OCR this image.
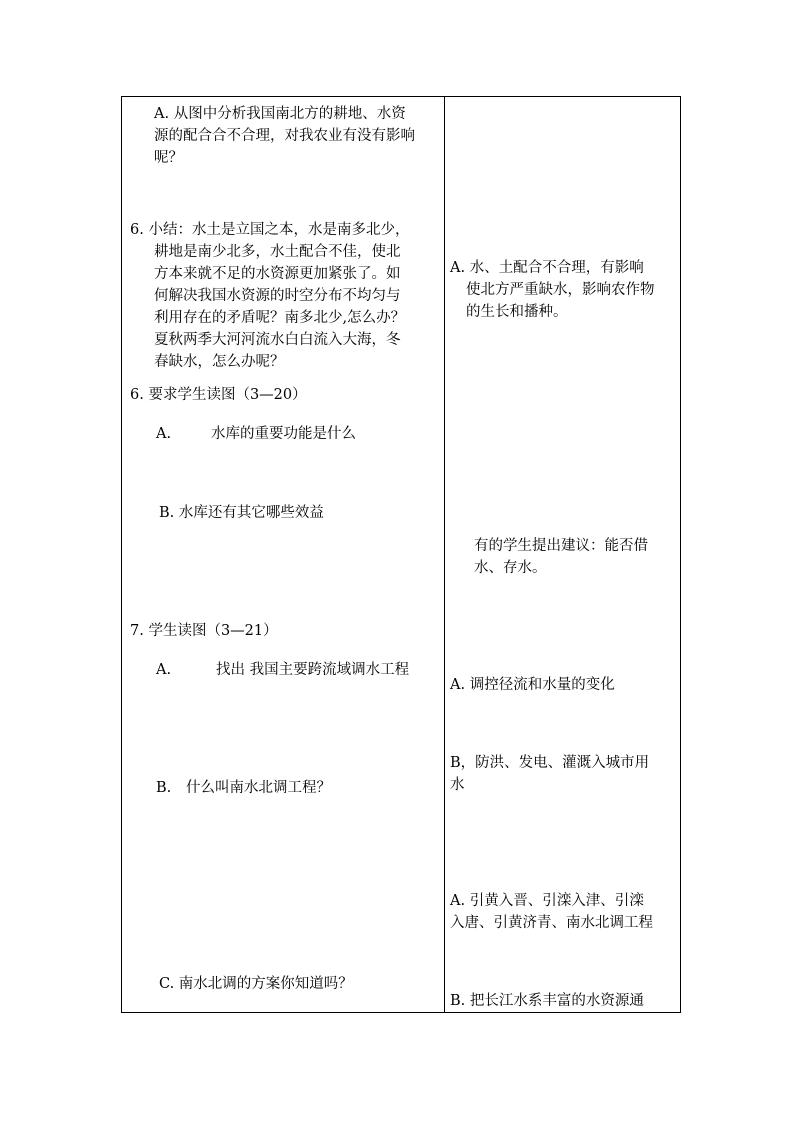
A. 从图中分析我国南北方的耕地、水资
源的配合合不合理，对我农业有没有影响
呢？
6. 小结：水土是立国之本，水是南多北少，
耕地是南少北多，水土配合不佳，使北
方本来就不足的水资源更加紧张了。如
何解决我国水资源的时空分布不均匀与
利用存在的矛盾呢？南多北少,怎么办？
夏秋两季大河河流水白白流入大海，冬
春缺水，怎么办呢？
6. 要求学生读图（3—20）
A.	水库的重要功能是什么
B. 水库还有其它哪些效益
7. 学生读图（3—21）
A.	找出 我国主要跨流域调水工程
B. 什么叫南水北调工程？
C. 南水北调的方案你知道吗？
A. 水、土配合不合理，有影响
使北方严重缺水，影响农作物
的生长和播种。
有的学生提出建议：能否借
水、存水。
A. 调控径流和水量的变化
B，防洪、发电、灌溉入城市用
水
A. 引黄入晋、引滦入津、引滦
入唐、引黄济青、南水北调工程
B. 把长江水系丰富的水资源通
